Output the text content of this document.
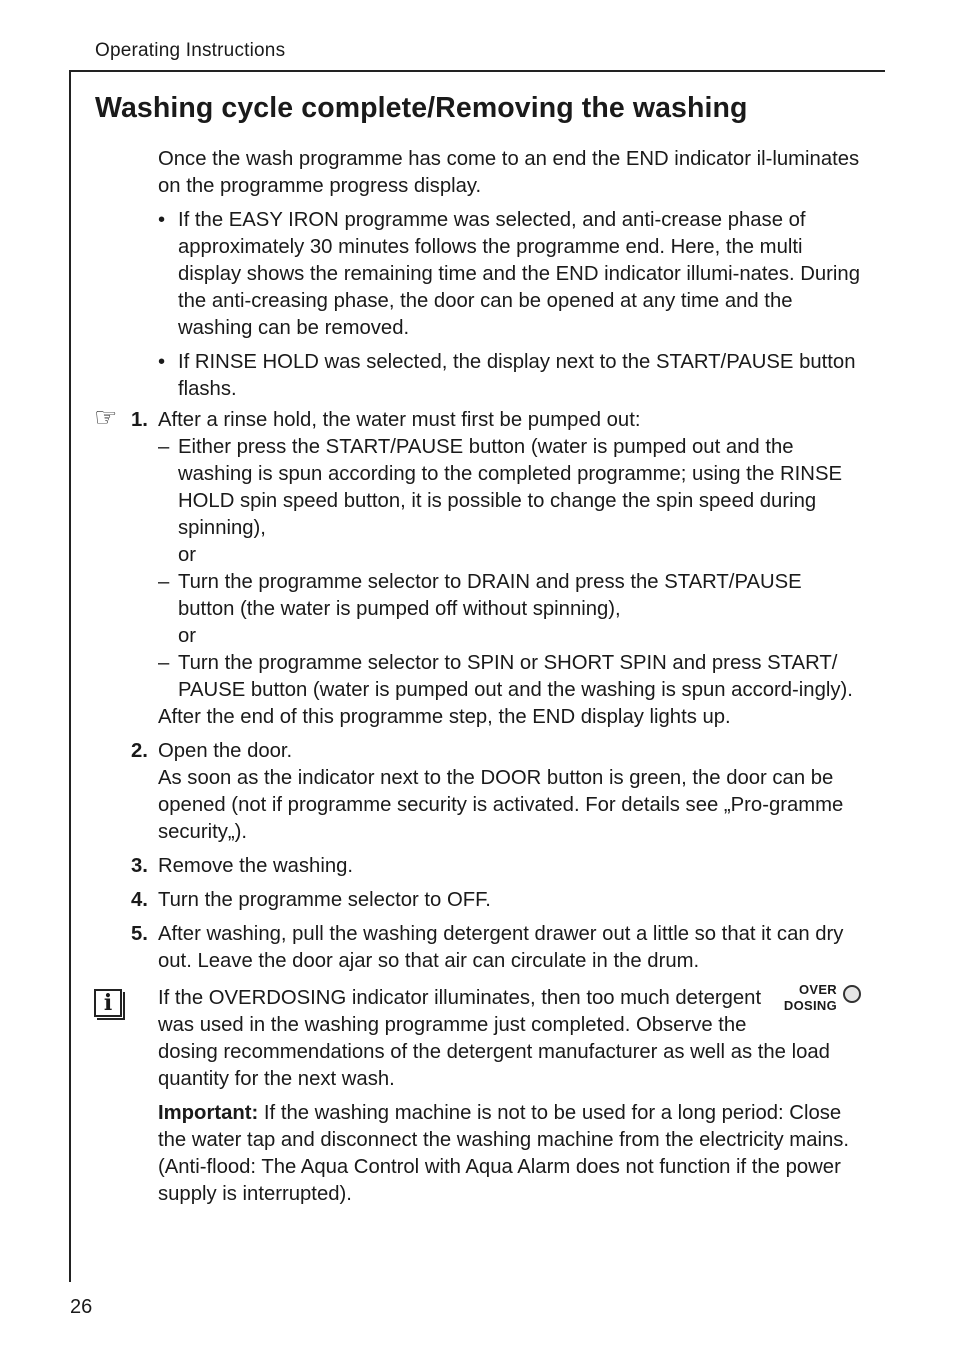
Operating Instructions
Washing cycle complete/Removing the washing

Once the wash programme has come to an end the END indicator il-luminates on the programme progress display.

• If the EASY IRON programme was selected, and anti-crease phase of approximately 30 minutes follows the programme end. Here, the multi display shows the remaining time and the END indicator illumi-nates. During the anti-creasing phase, the door can be opened at any time and the washing can be removed.

• If RINSE HOLD was selected, the display next to the START/PAUSE button flashs.

☞ 1. After a rinse hold, the water must first be pumped out:

– Either press the START/PAUSE button (water is pumped out and the washing is spun according to the completed programme; using the RINSE HOLD spin speed button, it is possible to change the spin speed during spinning),

or

– Turn the programme selector to DRAIN and press the START/PAUSE button (the water is pumped off without spinning),

or

– Turn the programme selector to SPIN or SHORT SPIN and press START/ PAUSE button (water is pumped out and the washing is spun accord-ingly).

After the end of this programme step, the END display lights up.

2. Open the door.

As soon as the indicator next to the DOOR button is green, the door can be opened (not if programme security is activated. For details see „Pro-gramme security„).

3. Remove the washing.

4. Turn the programme selector to OFF.

5. After washing, pull the washing detergent drawer out a little so that it can dry out. Leave the door ajar so that air can circulate in the drum.

i
OVER
DOSING

If the OVERDOSING indicator illuminates, then too much detergent was used in the washing programme just completed. Observe the dosing recommendations of the detergent manufacturer as well as the load quantity for the next wash.

Important: If the washing machine is not to be used for a long period: Close the water tap and disconnect the washing machine from the electricity mains. (Anti-flood: The Aqua Control with Aqua Alarm does not function if the power supply is interrupted).

26
